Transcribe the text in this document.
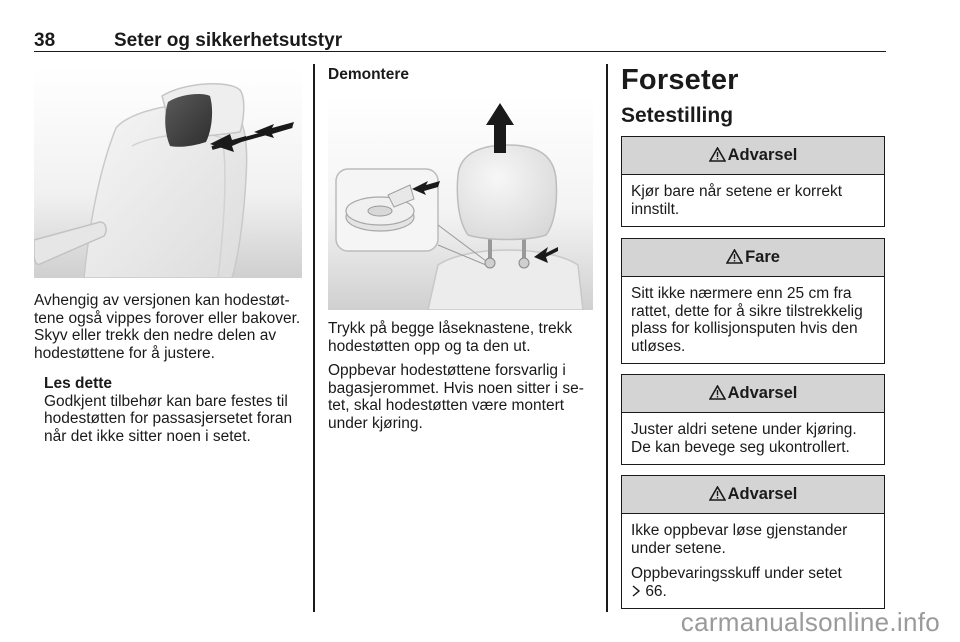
38	Seter og sikkerhetsutstyr

Avhengig av versjonen kan hodestøttene også vippes forover eller bakover. Skyv eller trekk den nedre delen av hodestøttene for å justere.

Les dette
Godkjent tilbehør kan bare festes til hodestøtten for passasjersetet foran når det ikke sitter noen i setet.
Demontere

Trykk på begge låseknastene, trekk hodestøtten opp og ta den ut.

Oppbevar hodestøttene forsvarlig i bagasjerommet. Hvis noen sitter i setet, skal hodestøtten være montert under kjøring.

Forseter
Setestilling
Advarsel

Kjør bare når setene er korrekt innstilt.

Fare

Sitt ikke nærmere enn 25 cm fra rattet, dette for å sikre tilstrekkelig plass for kollisjonsputen hvis den utløses.

Advarsel

Juster aldri setene under kjøring. De kan bevege seg ukontrollert.

Advarsel

Ikke oppbevar løse gjenstander under setene.

Oppbevaringsskuff under setet
66.

carmanualsonline.info
